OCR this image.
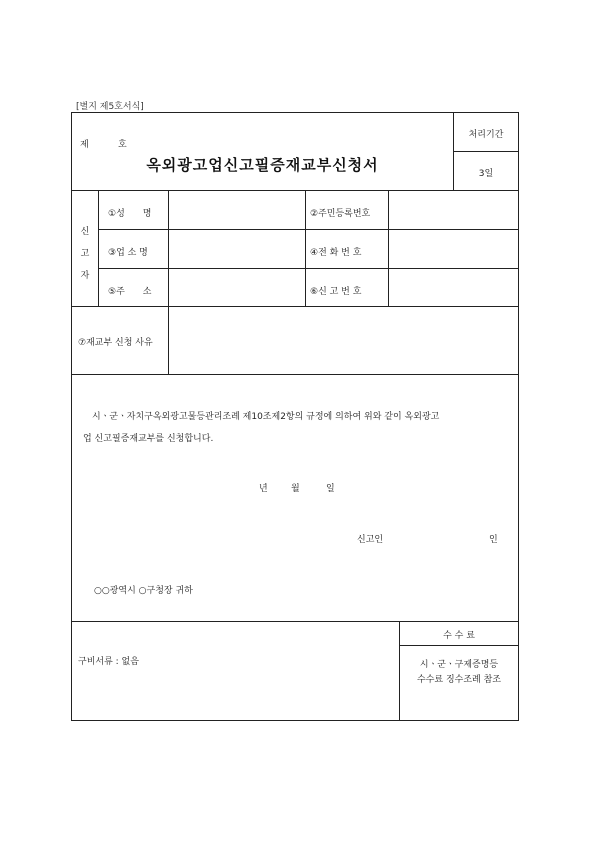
[별지 제5호서식]
제	호
옥외광고업신고필증재교부신청서
처리기간
3일
신
고
자
①성　　명	②주민등록번호
③업 소 명	④전 화 번 호
⑤주　　소	⑥신 고 번 호
⑦재교부 신청 사유
시ㆍ군ㆍ자치구옥외광고물등관리조례 제10조제2항의 규정에 의하여 위와 같이 옥외광고
업 신고필증재교부를 신청합니다.
년	월	일
신고인	인
○○광역시 ○구청장 귀하
구비서류 : 없음
수 수 료
시ㆍ군ㆍ구제증명등
수수료 징수조례 참조
